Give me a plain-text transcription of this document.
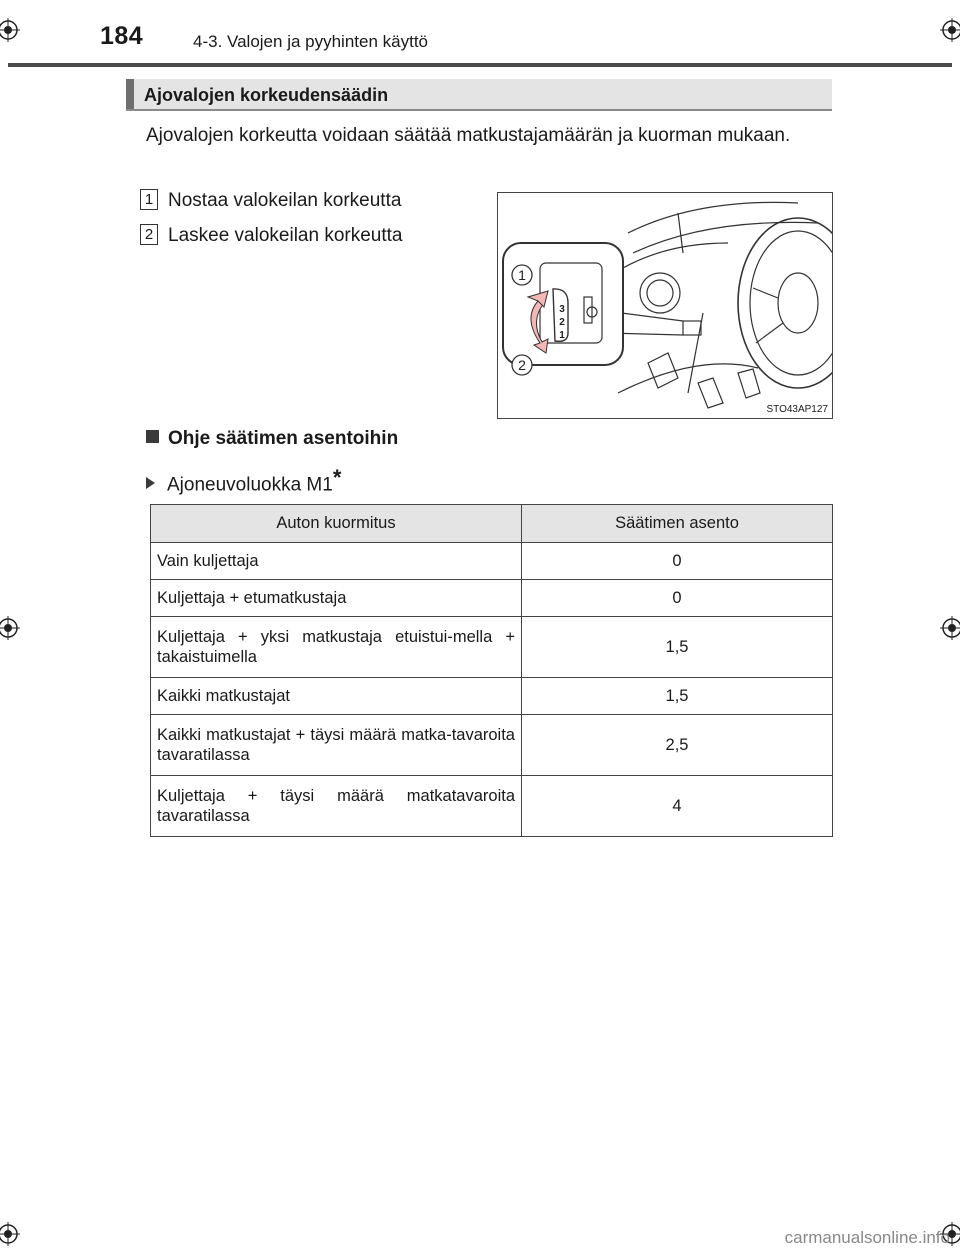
184	4-3. Valojen ja pyyhinten käyttö
Ajovalojen korkeudensäädin
Ajovalojen korkeutta voidaan säätää matkustajamäärän ja kuorman mukaan.
1 Nostaa valokeilan korkeutta
2 Laskee valokeilan korkeutta
1
2
3
2
1
STO43AP127
Ohje säätimen asentoihin
Ajoneuvoluokka M1*
Auton kuormitus	Säätimen asento
Vain kuljettaja	0
Kuljettaja + etumatkustaja	0
Kuljettaja + yksi matkustaja etuistui-mella + takaistuimella	1,5
Kaikki matkustajat	1,5
Kaikki matkustajat + täysi määrä matka-tavaroita tavaratilassa	2,5
Kuljettaja + täysi määrä matkatavaroita tavaratilassa	4
carmanualsonline.info
